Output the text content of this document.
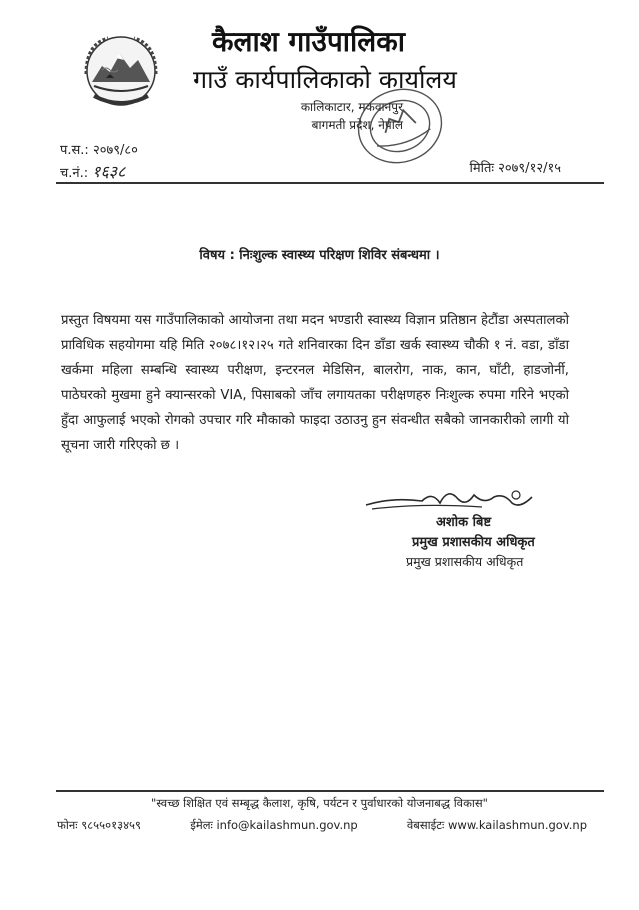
कैलाश गाउँपालिका
गाउँ कार्यपालिकाको कार्यालय
कालिकाटार, मकवानपुर
बागमती प्रदेश, नेपाल
प.स.: २०७९/८०
च.नं.: १६३८	मितिः २०७९/१२/१५
विषय : निःशुल्क स्वास्थ्य परिक्षण शिविर संबन्धमा ।
प्रस्तुत विषयमा यस गाउँपालिकाको आयोजना तथा मदन भण्डारी स्वास्थ्य विज्ञान प्रतिष्ठान हेटौंडा अस्पतालको प्राविधिक सहयोगमा यहि मिति २०७८।१२।२५ गते शनिवारका दिन डाँडा खर्क स्वास्थ्य चौकी १ नं. वडा, डाँडा खर्कमा महिला सम्बन्धि स्वास्थ्य परीक्षण, इन्टरनल मेडिसिन, बालरोग, नाक, कान, घाँटी, हाडजोर्नी, पाठेघरको मुखमा हुने क्यान्सरको VIA, पिसाबको जाँच लगायतका परीक्षणहरु निःशुल्क रुपमा गरिने भएको हुँदा आफुलाई भएको रोगको उपचार गरि मौकाको फाइदा उठाउनु हुन संवन्धीत सबैको जानकारीको लागी यो सूचना जारी गरिएको छ ।
अशोक बिष्ट
प्रमुख प्रशासकीय अधिकृत
प्रमुख प्रशासकीय अधिकृत
"स्वच्छ शिक्षित एवं सम्बृद्ध कैलाश, कृषि, पर्यटन र पुर्वाधारको योजनाबद्ध विकास"
फोनः ९८५५०१३४५९	ईमेलः info@kailashmun.gov.np	वेबसाईटः www.kailashmun.gov.np
